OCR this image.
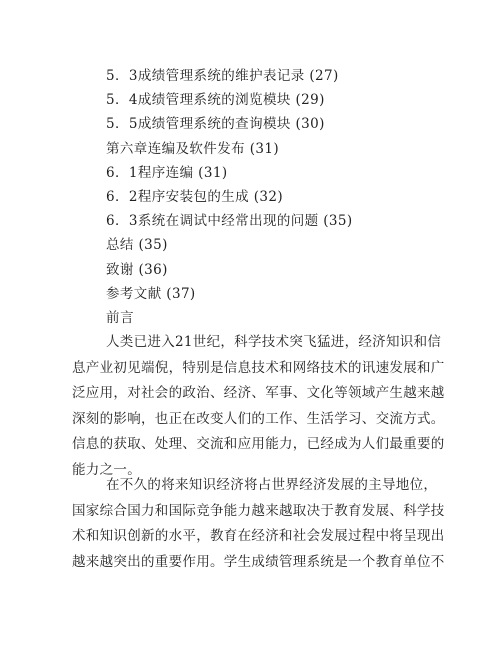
5．3成绩管理系统的维护表记录 (27)
5．4成绩管理系统的浏览模块 (29)
5．5成绩管理系统的查询模块 (30)
第六章连编及软件发布 (31)
6．1程序连编 (31)
6．2程序安装包的生成 (32)
6．3系统在调试中经常出现的问题 (35)
总结 (35)
致谢 (36)
参考文献 (37)
前言
人类已进入21世纪，科学技术突飞猛进，经济知识和信
息产业初见端倪，特别是信息技术和网络技术的讯速发展和广
泛应用，对社会的政治、经济、军事、文化等领域产生越来越
深刻的影响，也正在改变人们的工作、生活学习、交流方式。
信息的获取、处理、交流和应用能力，已经成为人们最重要的
能力之一。
在不久的将来知识经济将占世界经济发展的主导地位，
国家综合国力和国际竞争能力越来越取决于教育发展、科学技
术和知识创新的水平，教育在经济和社会发展过程中将呈现出
越来越突出的重要作用。学生成绩管理系统是一个教育单位不
